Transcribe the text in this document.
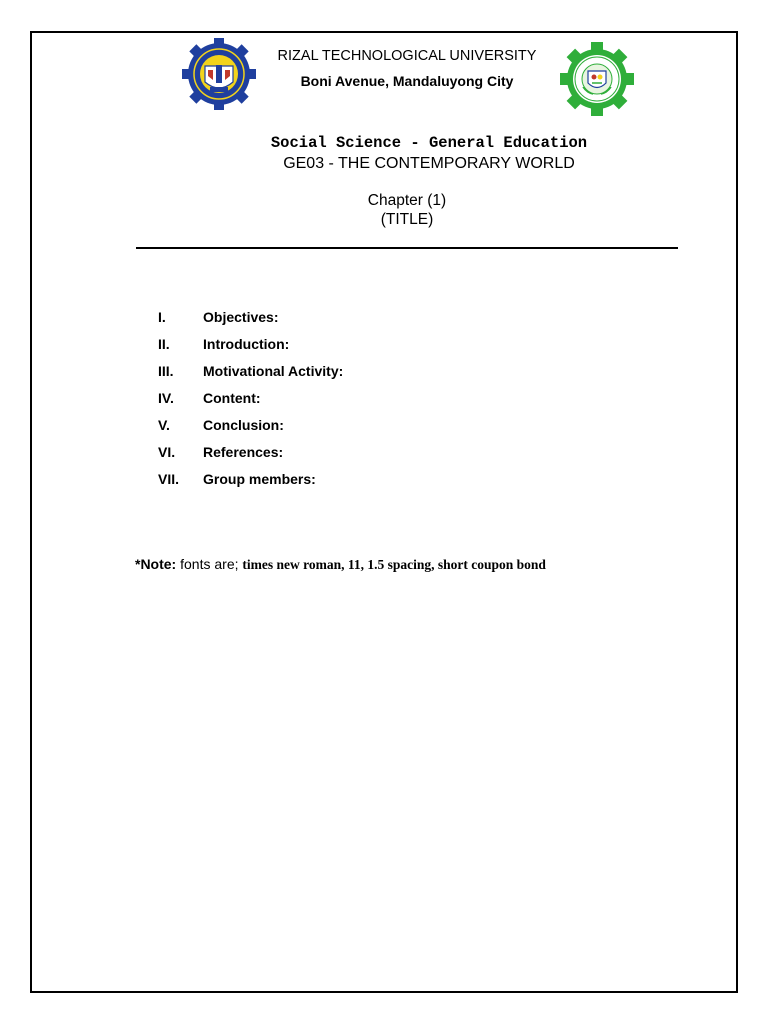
RIZAL TECHNOLOGICAL UNIVERSITY
Boni Avenue, Mandaluyong City
Social Science - General Education
GE03 - THE CONTEMPORARY WORLD
Chapter (1)
(TITLE)
I.	Objectives:
II.	Introduction:
III.	Motivational Activity:
IV.	Content:
V.	Conclusion:
VI.	References:
VII.	Group members:
*Note: fonts are; times new roman, 11, 1.5 spacing, short coupon bond
